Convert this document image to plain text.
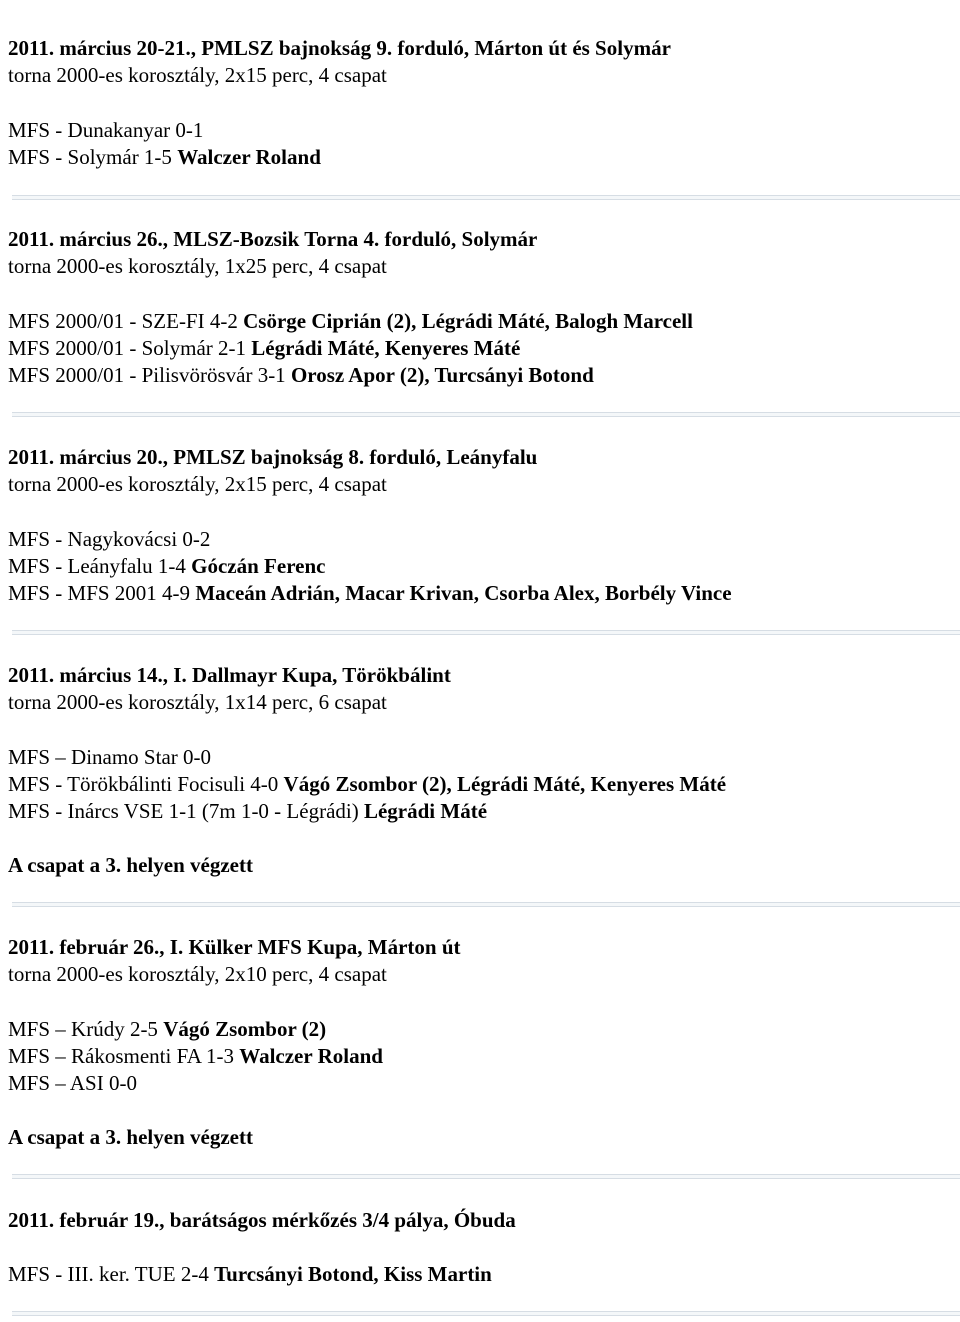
2011. március 20-21., PMLSZ bajnokság 9. forduló, Márton út és Solymár
torna 2000-es korosztály, 2x15 perc, 4 csapat
MFS - Dunakanyar 0-1
MFS - Solymár 1-5 Walczer Roland
2011. március 26., MLSZ-Bozsik Torna 4. forduló, Solymár
torna 2000-es korosztály, 1x25 perc, 4 csapat
MFS 2000/01 - SZE-FI 4-2 Csörge Ciprián (2), Légrádi Máté, Balogh Marcell
MFS 2000/01 - Solymár 2-1 Légrádi Máté, Kenyeres Máté
MFS 2000/01 - Pilisvörösvár 3-1 Orosz Apor (2), Turcsányi Botond
2011. március 20., PMLSZ bajnokság 8. forduló, Leányfalu
torna 2000-es korosztály, 2x15 perc, 4 csapat
MFS - Nagykovácsi 0-2
MFS - Leányfalu 1-4 Góczán Ferenc
MFS - MFS 2001 4-9 Maceán Adrián, Macar Krivan, Csorba Alex, Borbély Vince
2011. március 14., I. Dallmayr Kupa, Törökbálint
torna 2000-es korosztály, 1x14 perc, 6 csapat
MFS – Dinamo Star 0-0
MFS - Törökbálinti Focisuli 4-0 Vágó Zsombor (2), Légrádi Máté, Kenyeres Máté
MFS - Inárcs VSE 1-1 (7m 1-0 - Légrádi) Légrádi Máté
A csapat a 3. helyen végzett
2011. február 26., I. Külker MFS Kupa, Márton út
torna 2000-es korosztály, 2x10 perc, 4 csapat
MFS – Krúdy 2-5 Vágó Zsombor (2)
MFS – Rákosmenti FA 1-3 Walczer Roland
MFS – ASI 0-0
A csapat a 3. helyen végzett
2011. február 19., barátságos mérkőzés 3/4 pálya, Óbuda
MFS - III. ker. TUE 2-4 Turcsányi Botond, Kiss Martin
